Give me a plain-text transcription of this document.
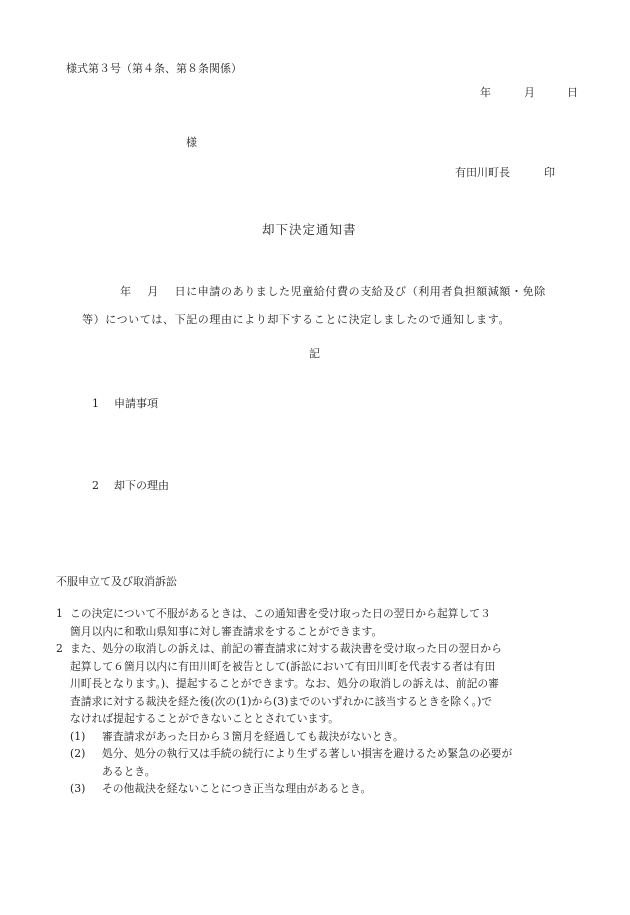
様式第３号（第４条、第８条関係）
年	月	日
様
有田川町長	印
却下決定通知書
年　 月　 日に申請のありました児童給付費の支給及び（利用者負担額減額・免除
等）については、下記の理由により却下することに決定しましたので通知します。
記
1 申請事項
2 却下の理由
不服申立て及び取消訴訟
1 この決定について不服があるときは、この通知書を受け取った日の翌日から起算して３
箇月以内に和歌山県知事に対し審査請求をすることができます。
2 また、処分の取消しの訴えは、前記の審査請求に対する裁決書を受け取った日の翌日から
起算して６箇月以内に有田川町を被告として(訴訟において有田川町を代表する者は有田
川町長となります。)、提起することができます。なお、処分の取消しの訴えは、前記の審
査請求に対する裁決を経た後(次の(1)から(3)までのいずれかに該当するときを除く。)で
なければ提起することができないこととされています。
(1)	審査請求があった日から３箇月を経過しても裁決がないとき。
(2)	処分、処分の執行又は手続の続行により生ずる著しい損害を避けるため緊急の必要が
あるとき。
(3)	その他裁決を経ないことにつき正当な理由があるとき。
